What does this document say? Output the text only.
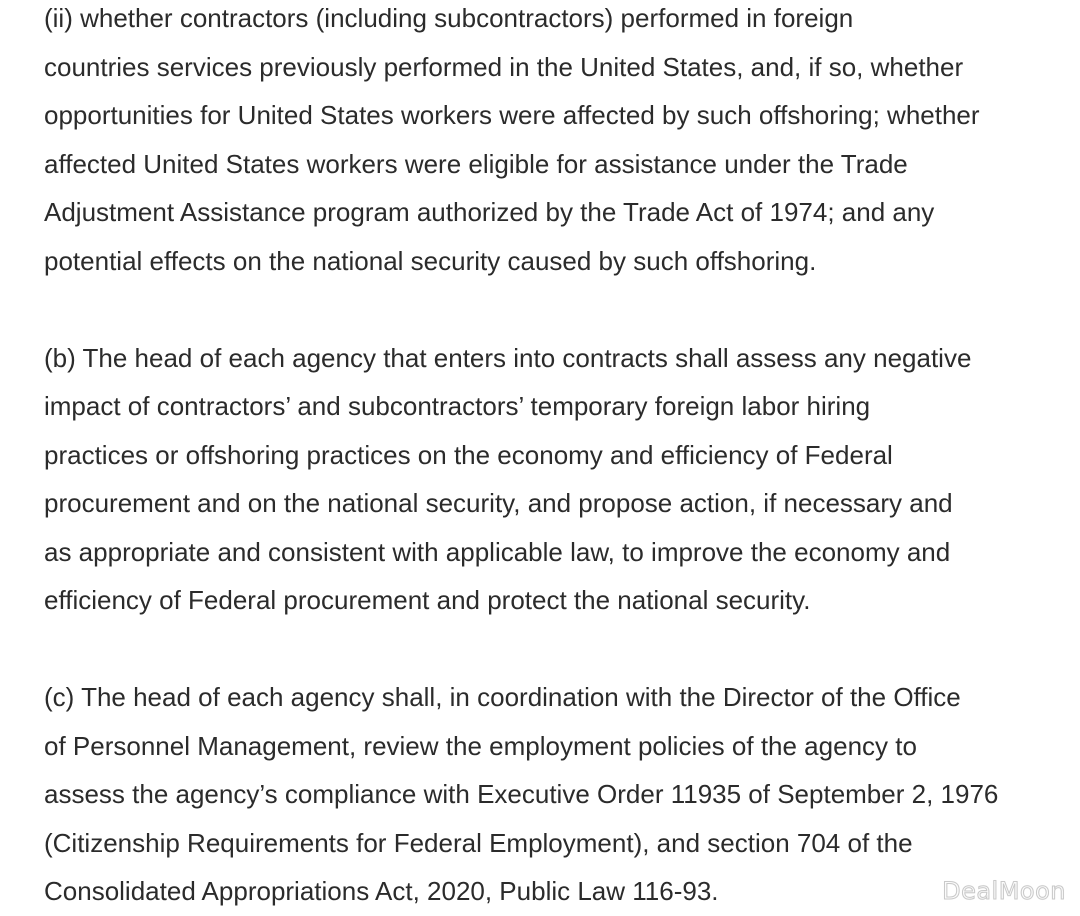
(ii) whether contractors (including subcontractors) performed in foreign
countries services previously performed in the United States, and, if so, whether
opportunities for United States workers were affected by such offshoring; whether
affected United States workers were eligible for assistance under the Trade
Adjustment Assistance program authorized by the Trade Act of 1974; and any
potential effects on the national security caused by such offshoring.

(b) The head of each agency that enters into contracts shall assess any negative
impact of contractors’ and subcontractors’ temporary foreign labor hiring
practices or offshoring practices on the economy and efficiency of Federal
procurement and on the national security, and propose action, if necessary and
as appropriate and consistent with applicable law, to improve the economy and
efficiency of Federal procurement and protect the national security.

(c) The head of each agency shall, in coordination with the Director of the Office
of Personnel Management, review the employment policies of the agency to
assess the agency’s compliance with Executive Order 11935 of September 2, 1976
(Citizenship Requirements for Federal Employment), and section 704 of the
Consolidated Appropriations Act, 2020, Public Law 116-93.	DealMoon
